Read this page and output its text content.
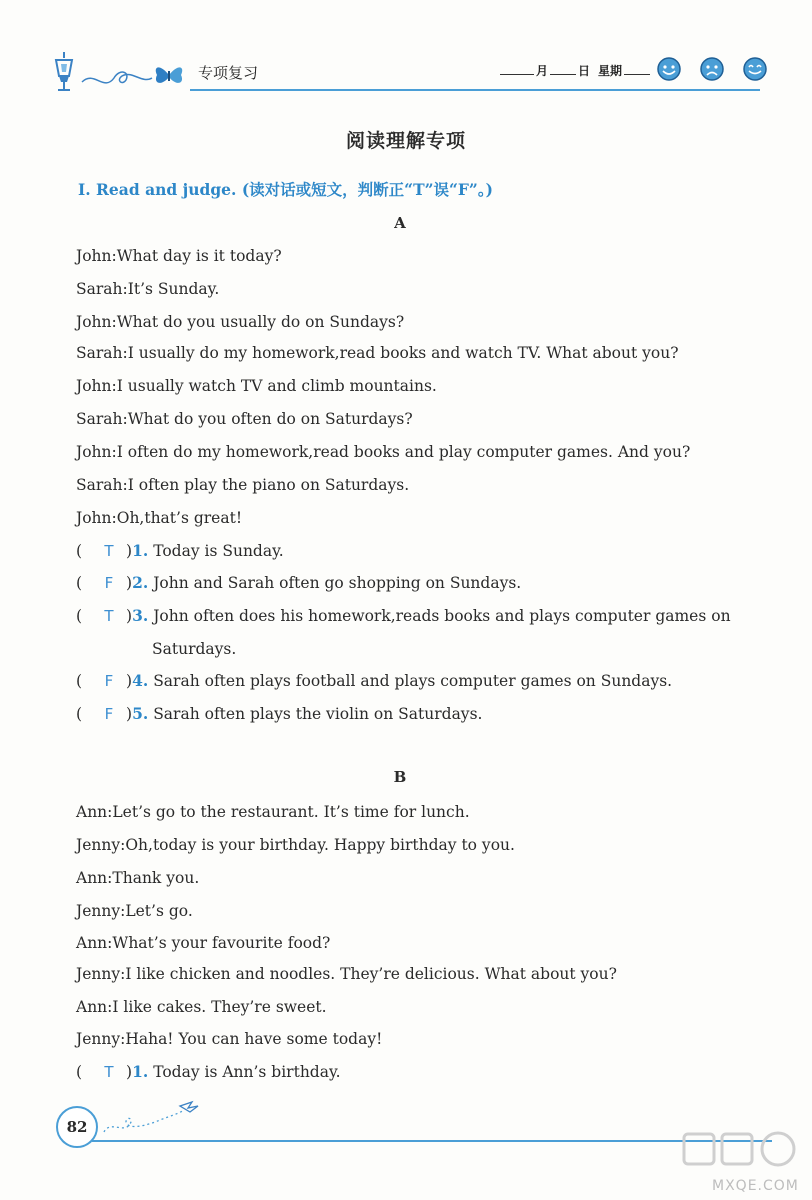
专项复习	月	日 星期

阅读理解专项
Ⅰ. Read and judge. (读对话或短文，判断正“T”误“F”。)
A
John:What day is it today?
Sarah:It’s Sunday.
John:What do you usually do on Sundays?
Sarah:I usually do my homework,read books and watch TV. What about you?
John:I usually watch TV and climb mountains.
Sarah:What do you often do on Saturdays?
John:I often do my homework,read books and play computer games. And you?
Sarah:I often play the piano on Saturdays.
John:Oh,that’s great!
( T )1. Today is Sunday.
( F )2. John and Sarah often go shopping on Sundays.
( T )3. John often does his homework,reads books and plays computer games on
Saturdays.
( F )4. Sarah often plays football and plays computer games on Sundays.
( F )5. Sarah often plays the violin on Saturdays.
B
Ann:Let’s go to the restaurant. It’s time for lunch.
Jenny:Oh,today is your birthday. Happy birthday to you.
Ann:Thank you.
Jenny:Let’s go.
Ann:What’s your favourite food?
Jenny:I like chicken and noodles. They’re delicious. What about you?
Ann:I like cakes. They’re sweet.
Jenny:Haha! You can have some today!
( T )1. Today is Ann’s birthday.
82
MXQE.COM
